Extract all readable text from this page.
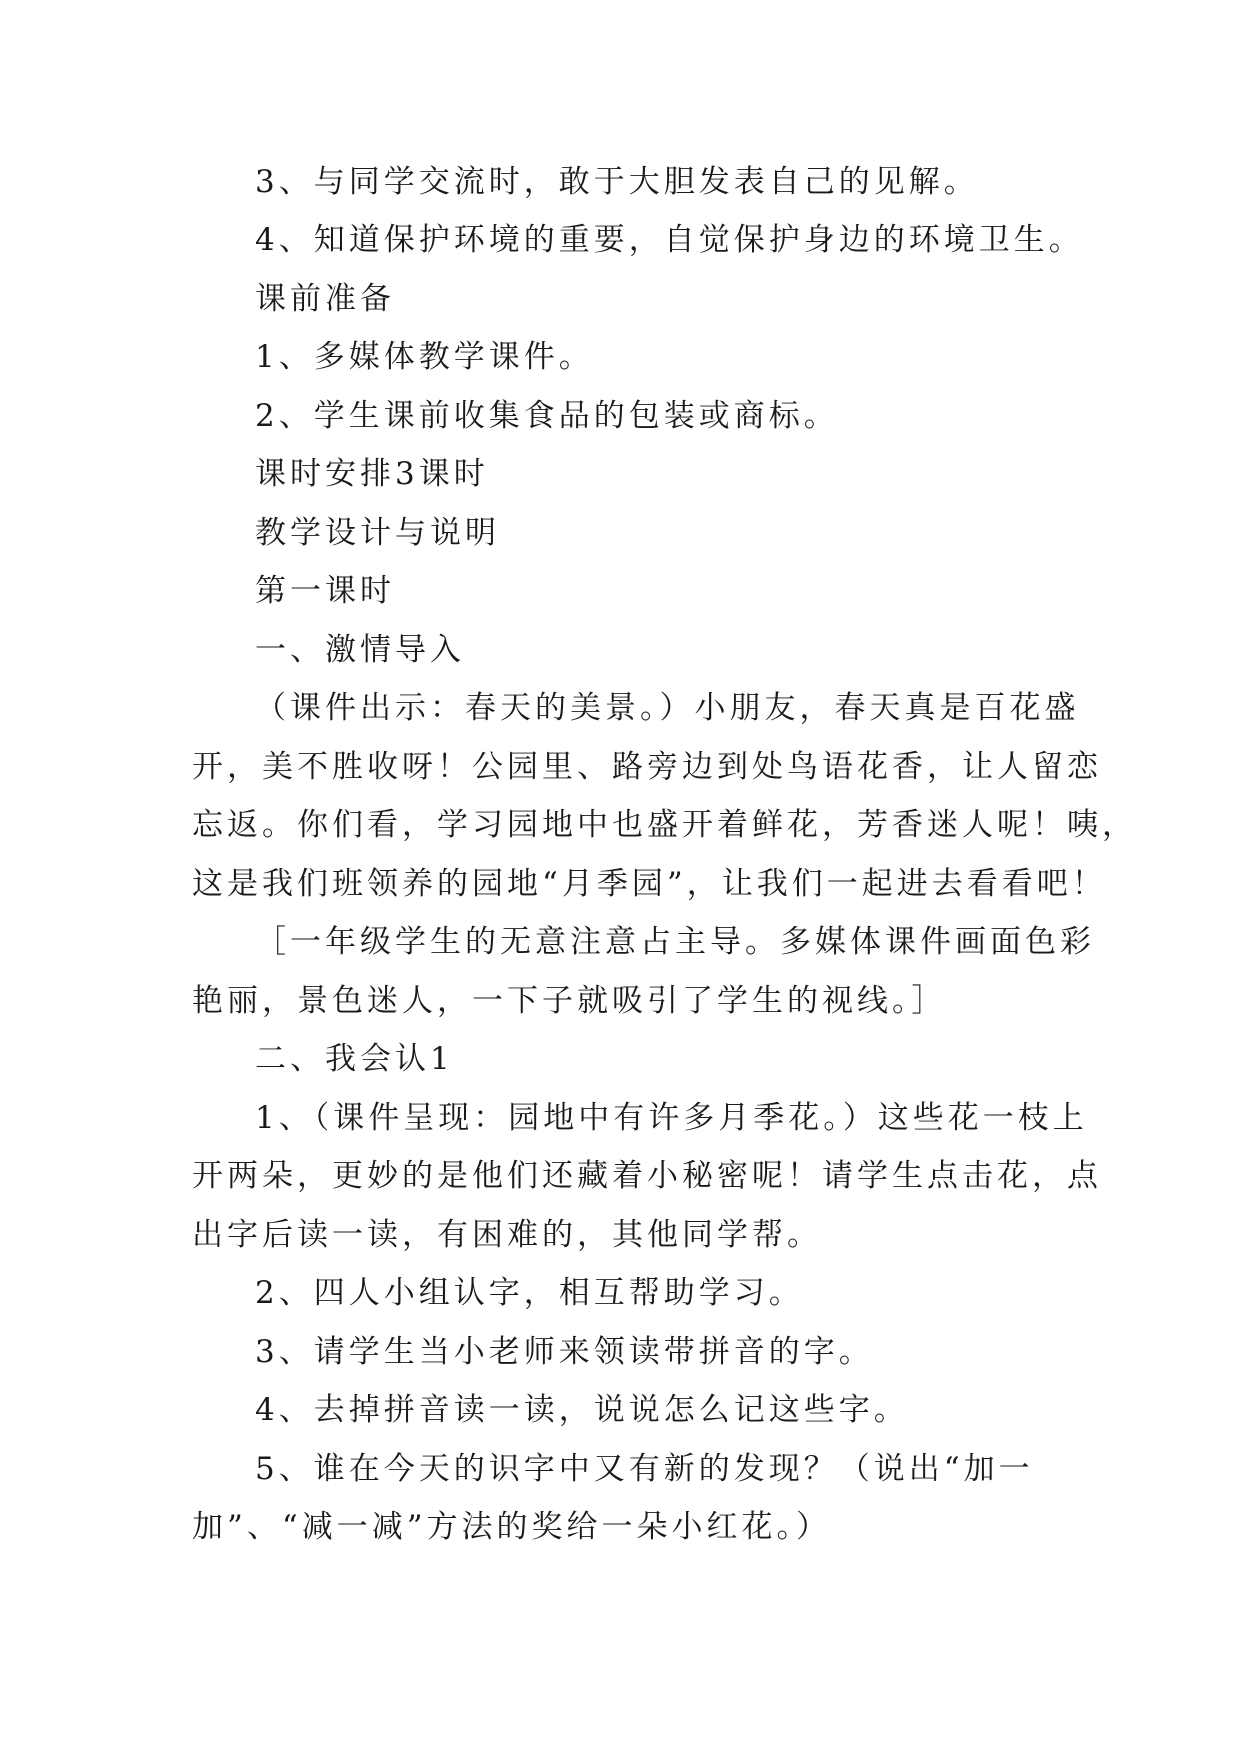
3、与同学交流时，敢于大胆发表自己的见解。
4、知道保护环境的重要，自觉保护身边的环境卫生。
课前准备
1、多媒体教学课件。
2、学生课前收集食品的包装或商标。
课时安排3课时
教学设计与说明
第一课时
一、激情导入
（课件出示：春天的美景。）小朋友，春天真是百花盛
开，美不胜收呀！公园里、路旁边到处鸟语花香，让人留恋
忘返。你们看，学习园地中也盛开着鲜花，芳香迷人呢！咦，
这是我们班领养的园地“月季园”，让我们一起进去看看吧！
［一年级学生的无意注意占主导。多媒体课件画面色彩
艳丽，景色迷人，一下子就吸引了学生的视线。］
二、我会认1
1、（课件呈现：园地中有许多月季花。）这些花一枝上
开两朵，更妙的是他们还藏着小秘密呢！请学生点击花，点
出字后读一读，有困难的，其他同学帮。
2、四人小组认字，相互帮助学习。
3、请学生当小老师来领读带拼音的字。
4、去掉拼音读一读，说说怎么记这些字。
5、谁在今天的识字中又有新的发现？（说出“加一
加”、“减一减”方法的奖给一朵小红花。）
